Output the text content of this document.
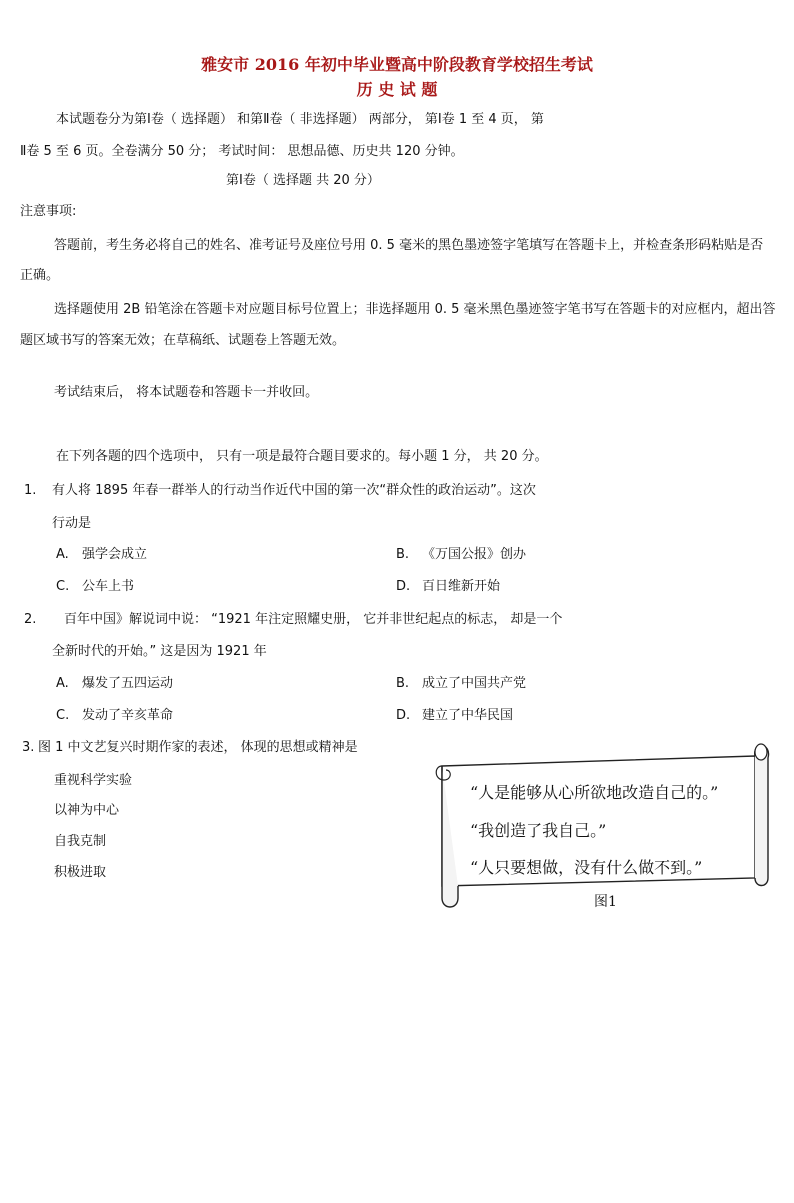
雅安市 2016 年初中毕业暨高中阶段教育学校招生考试
历 史 试 题
本试题卷分为第Ⅰ卷（ 选择题） 和第Ⅱ卷（ 非选择题） 两部分， 第Ⅰ卷 1 至 4 页， 第
Ⅱ卷 5 至 6 页。全卷满分 50 分； 考试时间： 思想品德、历史共 120 分钟。
第Ⅰ卷（ 选择题 共 20 分）
注意事项:
答题前，考生务必将自己的姓名、准考证号及座位号用 0. 5 毫米的黑色墨迹签字笔填写在答题卡上，并检查条形码粘贴是否
正确。
选择题使用 2B 铅笔涂在答题卡对应题目标号位置上；非选择题用 0. 5 毫米黑色墨迹签字笔书写在答题卡的对应框内，超出答
题区域书写的答案无效；在草稿纸、试题卷上答题无效。
考试结束后， 将本试题卷和答题卡一并收回。
在下列各题的四个选项中， 只有一项是最符合题目要求的。每小题 1 分， 共 20 分。
1. 有人将 1895 年春一群举人的行动当作近代中国的第一次“群众性的政治运动”。这次
行动是
A. 强学会成立	B. 《万国公报》创办
C. 公车上书	D. 百日维新开始
2. 百年中国》解说词中说： “1921 年注定照耀史册， 它并非世纪起点的标志， 却是一个
全新时代的开始。” 这是因为 1921 年
A. 爆发了五四运动	B. 成立了中国共产党
C. 发动了辛亥革命	D. 建立了中华民国
3. 图 1 中文艺复兴时期作家的表述， 体现的思想或精神是
重视科学实验
以神为中心
自我克制
积极进取
“人是能够从心所欲地改造自己的。”
“我创造了我自己。”
“人只要想做，没有什么做不到。”
图1
